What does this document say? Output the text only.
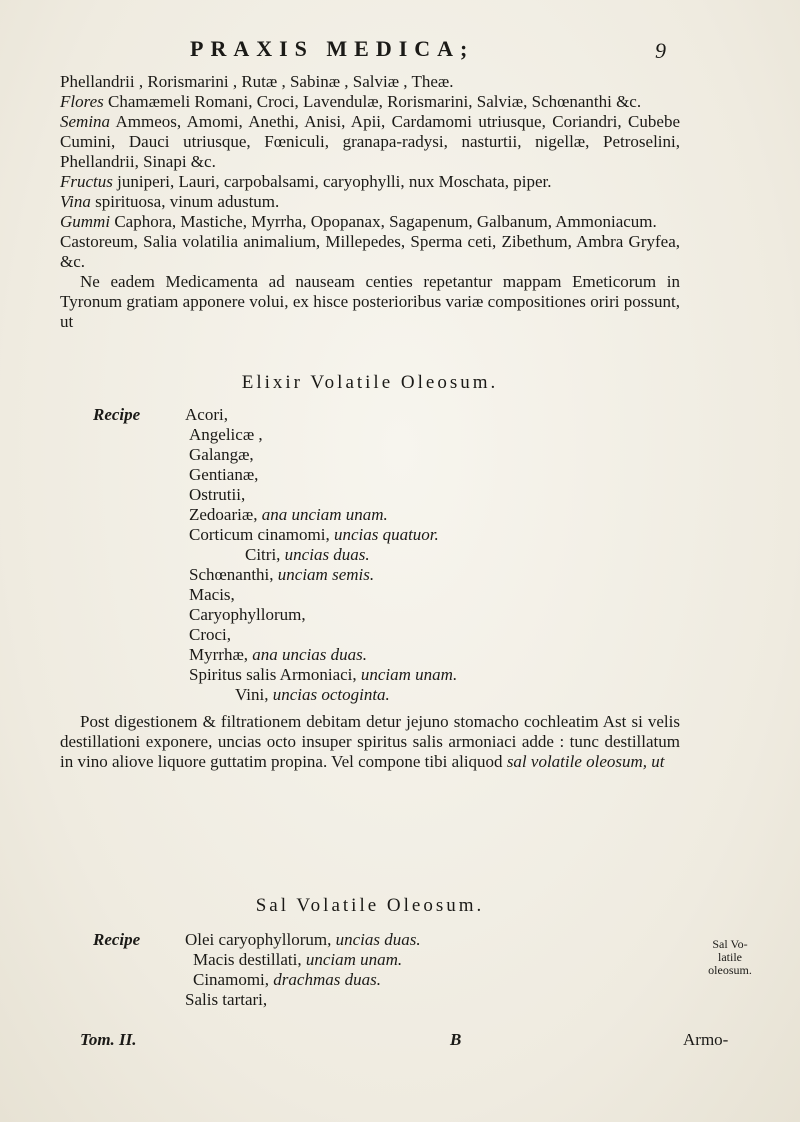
PRAXIS MEDICA;	9

Phellandrii , Rorismarini , Rutæ , Sabinæ , Salviæ , Theæ.

Flores Chamæmeli Romani, Croci, Lavendulæ, Rorismarini, Salviæ, Schœnanthi &c.

Semina Ammeos, Amomi, Anethi, Anisi, Apii, Cardamomi utriusque, Coriandri, Cubebe Cumini, Dauci utriusque, Fœniculi, granapa-radysi, nasturtii, nigellæ, Petroselini, Phellandrii, Sinapi &c.

Fructus juniperi, Lauri, carpobalsami, caryophylli, nux Moschata, piper.

Vina spirituosa, vinum adustum.

Gummi Caphora, Mastiche, Myrrha, Opopanax, Sagapenum, Galbanum, Ammoniacum.

Castoreum, Salia volatilia animalium, Millepedes, Sperma ceti, Zibethum, Ambra Gryfea, &c.

Ne eadem Medicamenta ad nauseam centies repetantur mappam Emeticorum in Tyronum gratiam apponere volui, ex hisce posterioribus variæ compositiones oriri possunt, ut

Elixir Volatile Oleosum.
Recipe	Acori,
Angelicæ ,
Galangæ,
Gentianæ,
Ostrutii,
Zedoariæ, ana unciam unam.
Corticum cinamomi, uncias quatuor.
Citri, uncias duas.
Schœnanthi, unciam semis.
Macis,
Caryophyllorum,
Croci,
Myrrhæ, ana uncias duas.
Spiritus salis Armoniaci, unciam unam.
Vini, uncias octoginta.

Post digestionem & filtrationem debitam detur jejuno stomacho cochleatim Ast si velis destillationi exponere, uncias octo insuper spiritus salis armoniaci adde : tunc destillatum in vino aliove liquore guttatim propina. Vel compone tibi aliquod sal volatile oleosum, ut

Sal Volatile Oleosum.
Recipe	Olei caryophyllorum, uncias duas.
Macis destillati, unciam unam.
Cinamomi, drachmas duas.
Salis tartari,
Sal Vo-
latile
oleosum.
Tom. II.	B	Armo-
